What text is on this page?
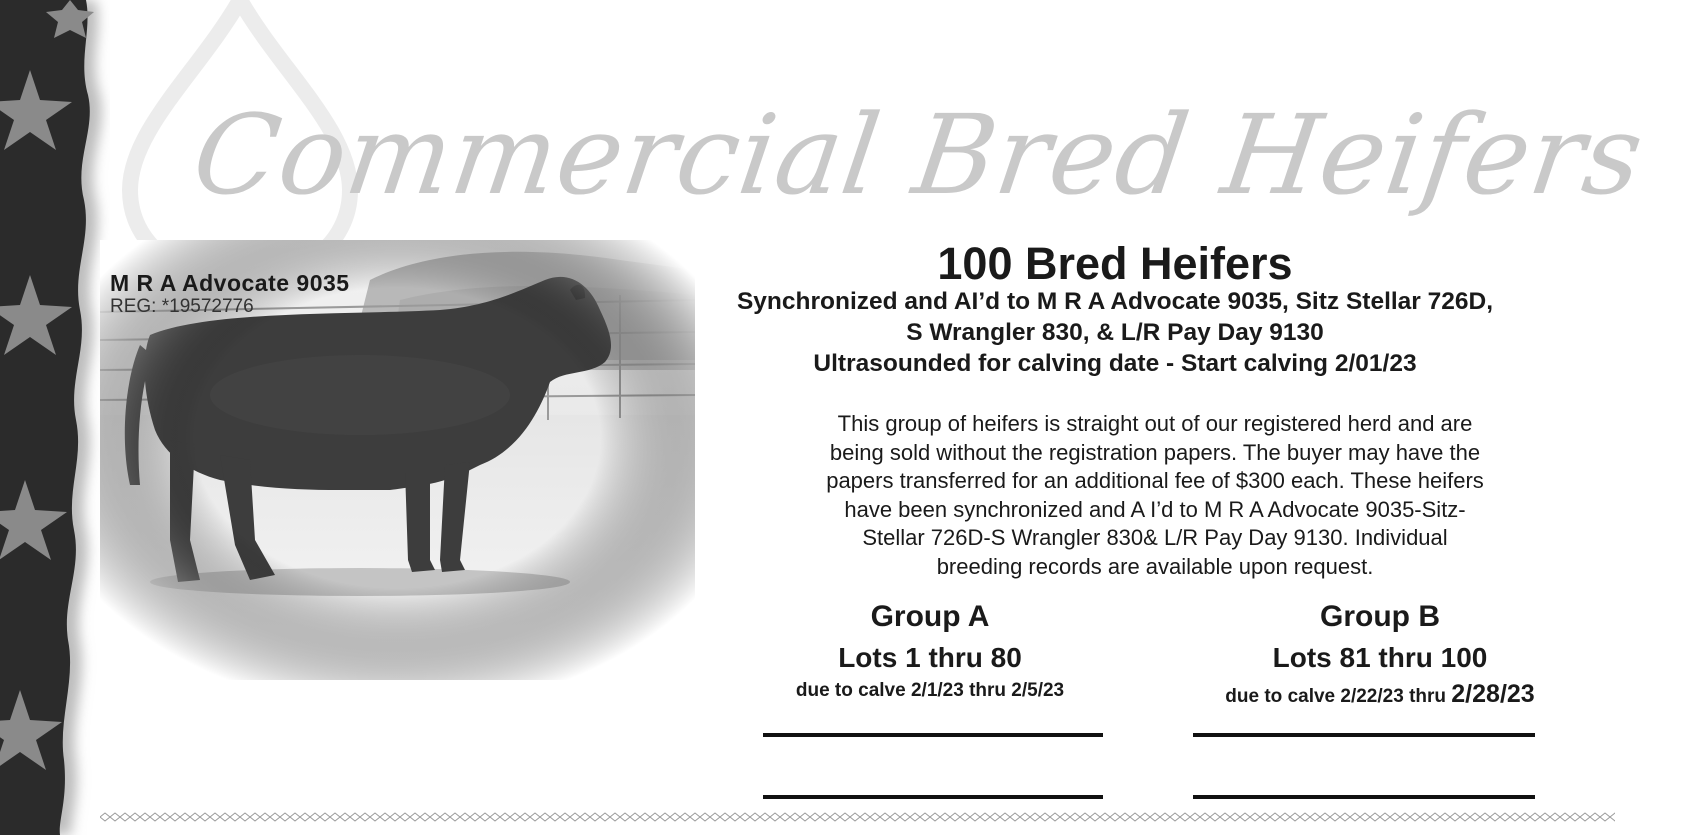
Commercial Bred Heifers
M R A Advocate 9035
REG: *19572776
100 Bred Heifers
Synchronized and AI’d to M R A Advocate 9035, Sitz Stellar 726D,
S Wrangler 830, & L/R Pay Day 9130
Ultrasounded for calving date - Start calving 2/01/23
This group of heifers is straight out of our registered herd and are
being sold without the registration papers. The buyer may have the
papers transferred for an additional fee of $300 each. These heifers
have been synchronized and A I’d to M R A Advocate 9035-Sitz-
Stellar 726D-S Wrangler 830& L/R Pay Day 9130. Individual
breeding records are available upon request.
Group A
Lots 1 thru 80
due to calve 2/1/23 thru 2/5/23
Group B
Lots 81 thru 100
due to calve 2/22/23 thru 2/28/23
